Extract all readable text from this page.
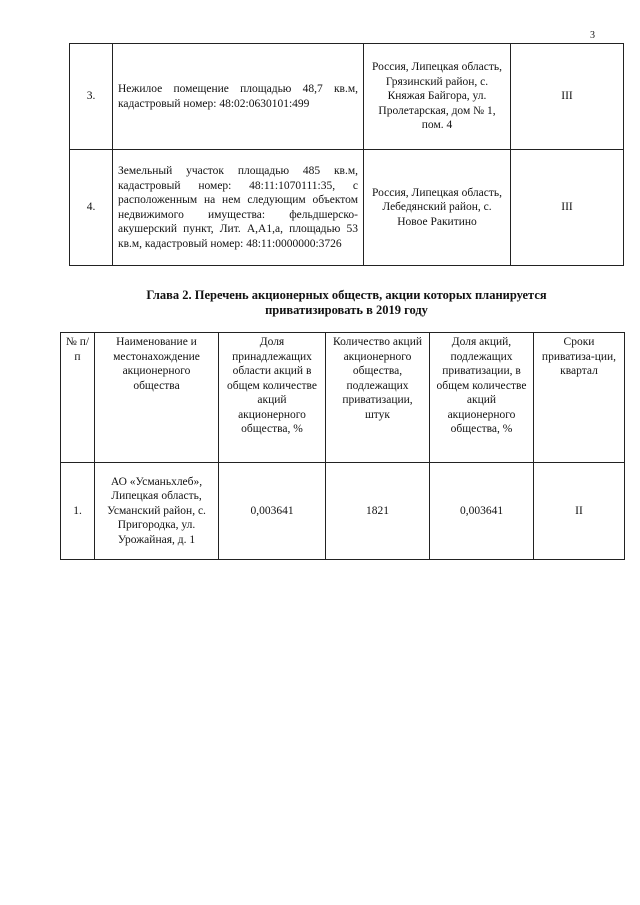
3
3.	Нежилое помещение площадью 48,7 кв.м, кадастровый номер: 48:02:0630101:499	Россия, Липецкая область, Грязинский район, с. Княжая Байгора, ул. Пролетарская, дом № 1, пом. 4	III
4.	Земельный участок площадью 485 кв.м, кадастровый номер: 48:11:1070111:35, с расположенным на нем следующим объектом недвижимого имущества: фельдшерско-акушерский пункт, Лит. А,А1,а, площадью 53 кв.м, кадастровый номер: 48:11:0000000:3726	Россия, Липецкая область, Лебедянский район, с. Новое Ракитино	III
Глава 2. Перечень акционерных обществ, акции которых планируется
приватизировать в 2019 году
№ п/п	Наименование и местонахождение акционерного общества	Доля принадлежащих области акций в общем количестве акций акционерного общества, %	Количество акций акционерного общества, подлежащих приватизации, штук	Доля акций, подлежащих приватизации, в общем количестве акций акционерного общества, %	Сроки приватиза-ции, квартал
1.	АО «Усманьхлеб», Липецкая область, Усманский район, с. Пригородка, ул. Урожайная, д. 1	0,003641	1821	0,003641	II
